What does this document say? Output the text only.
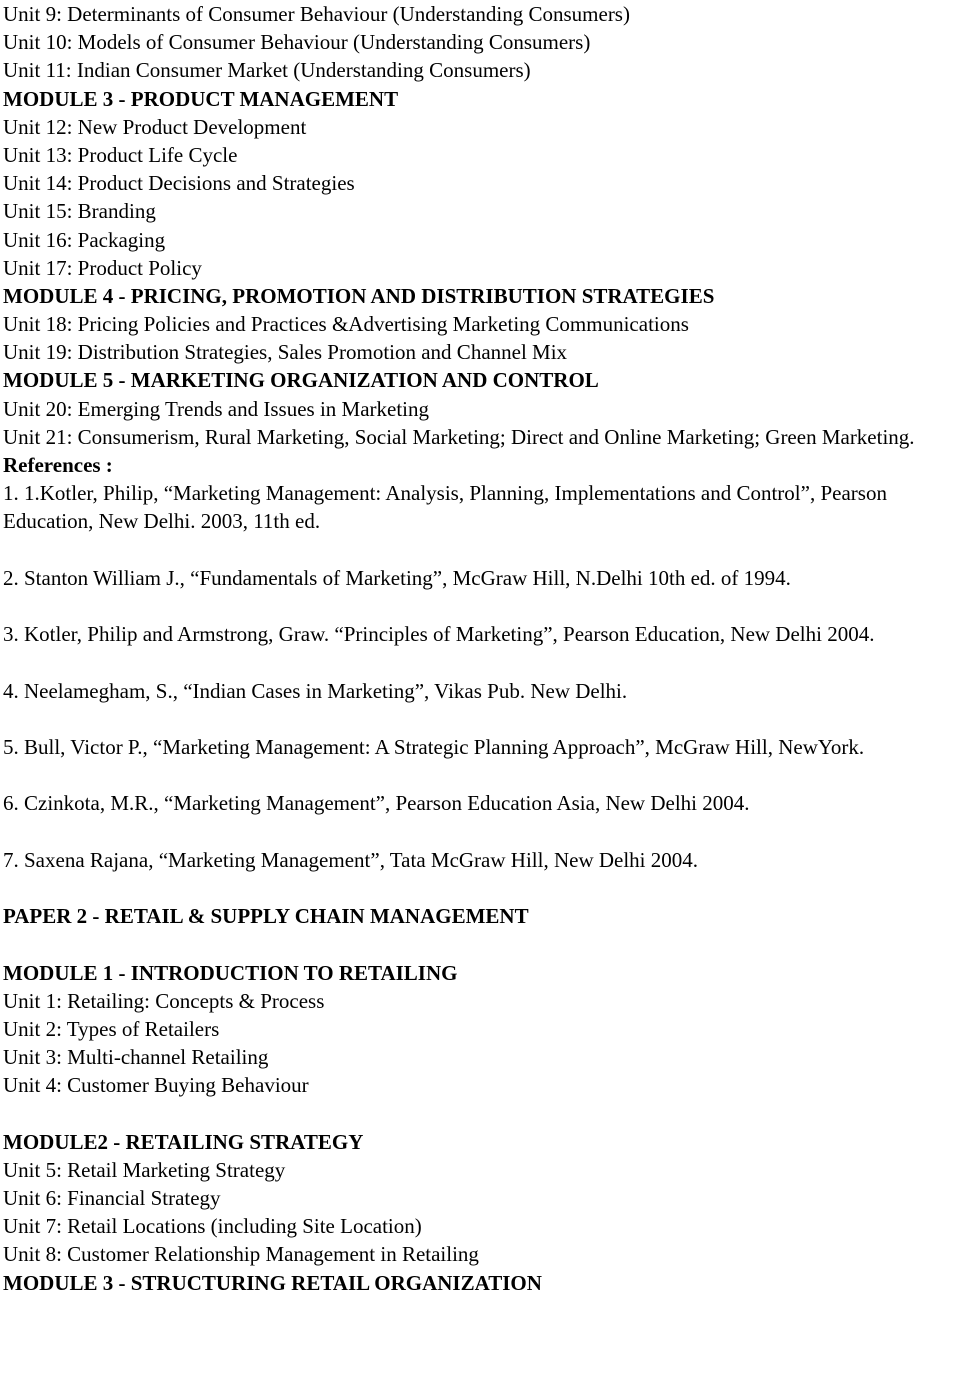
Unit 9: Determinants of Consumer Behaviour (Understanding Consumers)
Unit 10: Models of Consumer Behaviour (Understanding Consumers)
Unit 11: Indian Consumer Market (Understanding Consumers)
MODULE 3 - PRODUCT MANAGEMENT
Unit 12: New Product Development
Unit 13: Product Life Cycle
Unit 14: Product Decisions and Strategies
Unit 15: Branding
Unit 16: Packaging
Unit 17: Product Policy
MODULE 4 - PRICING, PROMOTION AND DISTRIBUTION STRATEGIES
Unit 18: Pricing Policies and Practices &Advertising Marketing Communications
Unit 19: Distribution Strategies, Sales Promotion and Channel Mix
MODULE 5 - MARKETING ORGANIZATION AND CONTROL
Unit 20: Emerging Trends and Issues in Marketing
Unit 21: Consumerism, Rural Marketing, Social Marketing; Direct and Online Marketing; Green Marketing.
References :
1. 1.Kotler, Philip, “Marketing Management: Analysis, Planning, Implementations and Control”, Pearson Education, New Delhi. 2003, 11th ed.
2. Stanton William J., “Fundamentals of Marketing”, McGraw Hill, N.Delhi 10th ed. of 1994.
3. Kotler, Philip and Armstrong, Graw. “Principles of Marketing”, Pearson Education, New Delhi 2004.
4. Neelamegham, S., “Indian Cases in Marketing”, Vikas Pub. New Delhi.
5. Bull, Victor P., “Marketing Management: A Strategic Planning Approach”, McGraw Hill, NewYork.
6. Czinkota, M.R., “Marketing Management”, Pearson Education Asia, New Delhi 2004.
7. Saxena Rajana, “Marketing Management”, Tata McGraw Hill, New Delhi 2004.
PAPER 2 - RETAIL & SUPPLY CHAIN MANAGEMENT
MODULE 1 - INTRODUCTION TO RETAILING
Unit 1: Retailing: Concepts & Process
Unit 2: Types of Retailers
Unit 3: Multi-channel Retailing
Unit 4: Customer Buying Behaviour
MODULE2 - RETAILING STRATEGY
Unit 5: Retail Marketing Strategy
Unit 6: Financial Strategy
Unit 7: Retail Locations (including Site Location)
Unit 8: Customer Relationship Management in Retailing
MODULE 3 - STRUCTURING RETAIL ORGANIZATION
